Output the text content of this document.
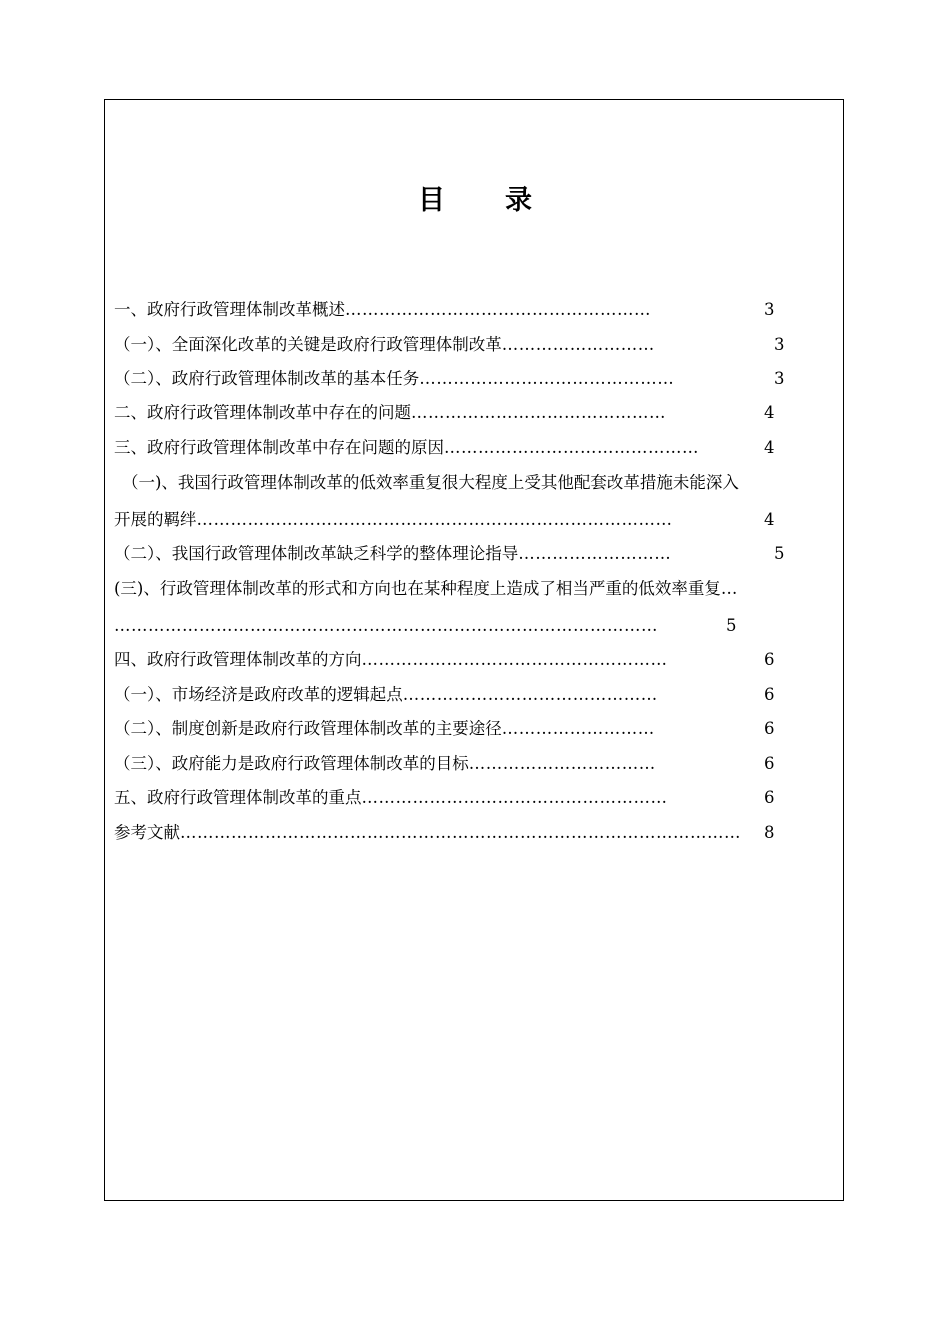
目 录
一、政府行政管理体制改革概述………………………………………………	3
（一）、全面深化改革的关键是政府行政管理体制改革………………………	3
（二）、政府行政管理体制改革的基本任务………………………………………	3
二、政府行政管理体制改革中存在的问题………………………………………	4
三、政府行政管理体制改革中存在问题的原因………………………………………	4
（一)、我国行政管理体制改革的低效率重复很大程度上受其他配套改革措施未能深入
开展的羁绊…………………………………………………………………………	4
（二）、我国行政管理体制改革缺乏科学的整体理论指导………………………	5
(三)、行政管理体制改革的形式和方向也在某种程度上造成了相当严重的低效率重复…
……………………………………………………………………………………	5
四、政府行政管理体制改革的方向………………………………………………	6
（一）、市场经济是政府改革的逻辑起点………………………………………	6
（二）、制度创新是政府行政管理体制改革的主要途径………………………	6
（三）、政府能力是政府行政管理体制改革的目标……………………………	6
五、政府行政管理体制改革的重点………………………………………………	6
参考文献……………………………………………………………………………………… 8
